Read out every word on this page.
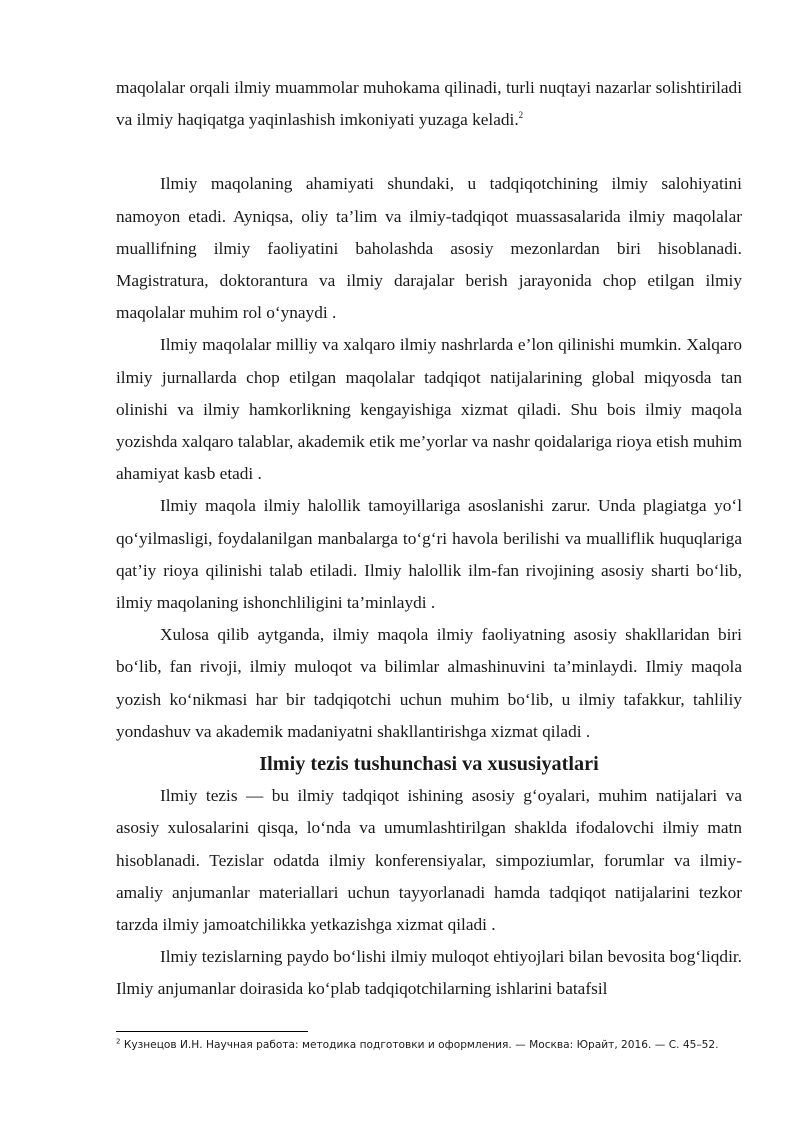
maqolalar orqali ilmiy muammolar muhokama qilinadi, turli nuqtayi nazarlar solishtiriladi va ilmiy haqiqatga yaqinlashish imkoniyati yuzaga keladi.$^2$

Ilmiy maqolaning ahamiyati shundaki, u tadqiqotchining ilmiy salohiyatini namoyon etadi. Ayniqsa, oliy ta’lim va ilmiy-tadqiqot muassasalarida ilmiy maqolalar muallifning ilmiy faoliyatini baholashda asosiy mezonlardan biri hisoblanadi. Magistratura, doktorantura va ilmiy darajalar berish jarayonida chop etilgan ilmiy maqolalar muhim rol o‘ynaydi .

Ilmiy maqolalar milliy va xalqaro ilmiy nashrlarda e’lon qilinishi mumkin. Xalqaro ilmiy jurnallarda chop etilgan maqolalar tadqiqot natijalarining global miqyosda tan olinishi va ilmiy hamkorlikning kengayishiga xizmat qiladi. Shu bois ilmiy maqola yozishda xalqaro talablar, akademik etik me’yorlar va nashr qoidalariga rioya etish muhim ahamiyat kasb etadi .

Ilmiy maqola ilmiy halollik tamoyillariga asoslanishi zarur. Unda plagiatga yo‘l qo‘yilmasligi, foydalanilgan manbalarga to‘g‘ri havola berilishi va mualliflik huquqlariga qat’iy rioya qilinishi talab etiladi. Ilmiy halollik ilm-fan rivojining asosiy sharti bo‘lib, ilmiy maqolaning ishonchliligini ta’minlaydi .

Xulosa qilib aytganda, ilmiy maqola ilmiy faoliyatning asosiy shakllaridan biri bo‘lib, fan rivoji, ilmiy muloqot va bilimlar almashinuvini ta’minlaydi. Ilmiy maqola yozish ko‘nikmasi har bir tadqiqotchi uchun muhim bo‘lib, u ilmiy tafakkur, tahliliy yondashuv va akademik madaniyatni shakllantirishga xizmat qiladi .

Ilmiy tezis tushunchasi va xususiyatlari

Ilmiy tezis — bu ilmiy tadqiqot ishining asosiy g‘oyalari, muhim natijalari va asosiy xulosalarini qisqa, lo‘nda va umumlashtirilgan shaklda ifodalovchi ilmiy matn hisoblanadi. Tezislar odatda ilmiy konferensiyalar, simpoziumlar, forumlar va ilmiy-amaliy anjumanlar materiallari uchun tayyorlanadi hamda tadqiqot natijalarini tezkor tarzda ilmiy jamoatchilikka yetkazishga xizmat qiladi .

Ilmiy tezislarning paydo bo‘lishi ilmiy muloqot ehtiyojlari bilan bevosita bog‘liqdir. Ilmiy anjumanlar doirasida ko‘plab tadqiqotchilarning ishlarini batafsil

$^2$ Кузнецов И.Н. Научная работа: методика подготовки и оформления. — Москва: Юрайт, 2016. — С. 45–52.
